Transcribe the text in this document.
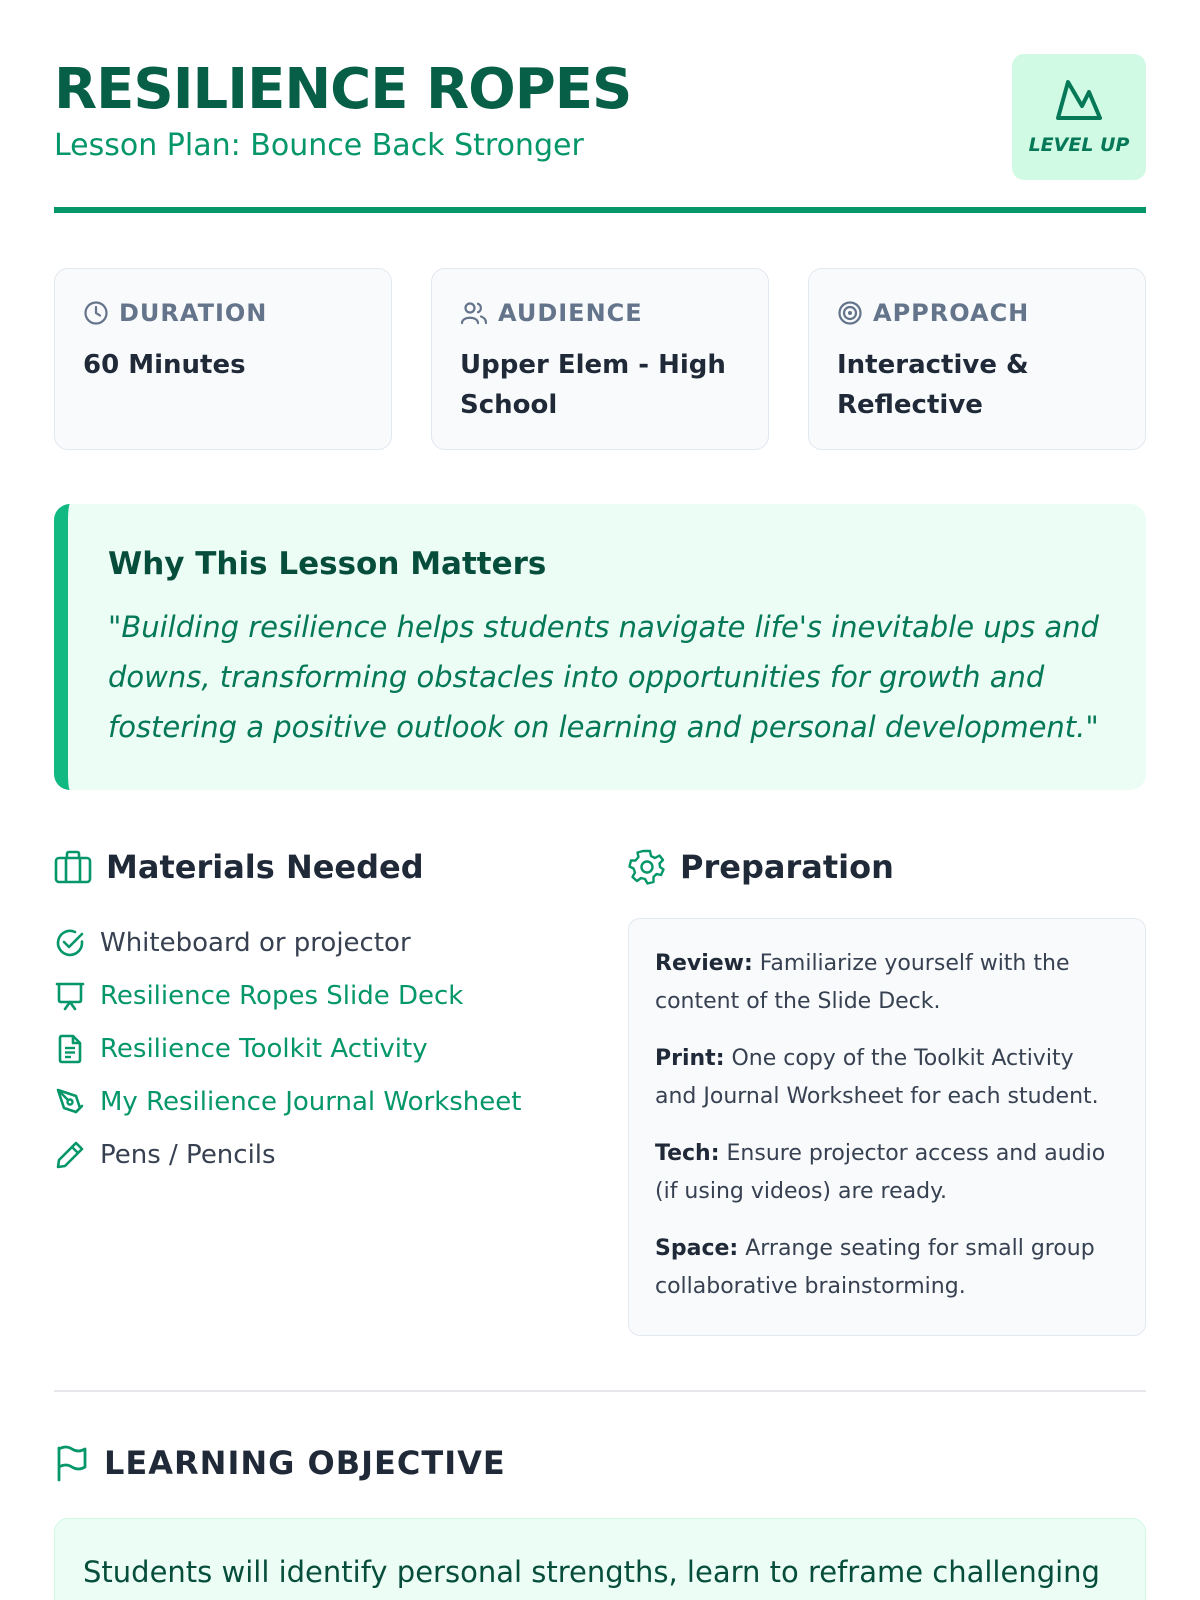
RESILIENCE ROPES
Lesson Plan: Bounce Back Stronger	LEVEL UP
DURATION
60 Minutes
AUDIENCE
Upper Elem - High School
APPROACH
Interactive & Reflective
Why This Lesson Matters
"Building resilience helps students navigate life's inevitable ups and downs, transforming obstacles into opportunities for growth and fostering a positive outlook on learning and personal development."
Materials Needed
Whiteboard or projector
Resilience Ropes Slide Deck
Resilience Toolkit Activity
My Resilience Journal Worksheet
Pens / Pencils
Preparation

Review: Familiarize yourself with the content of the Slide Deck.

Print: One copy of the Toolkit Activity and Journal Worksheet for each student.

Tech: Ensure projector access and audio (if using videos) are ready.

Space: Arrange seating for small group collaborative brainstorming.

LEARNING OBJECTIVE
Students will identify personal strengths, learn to reframe challenging
